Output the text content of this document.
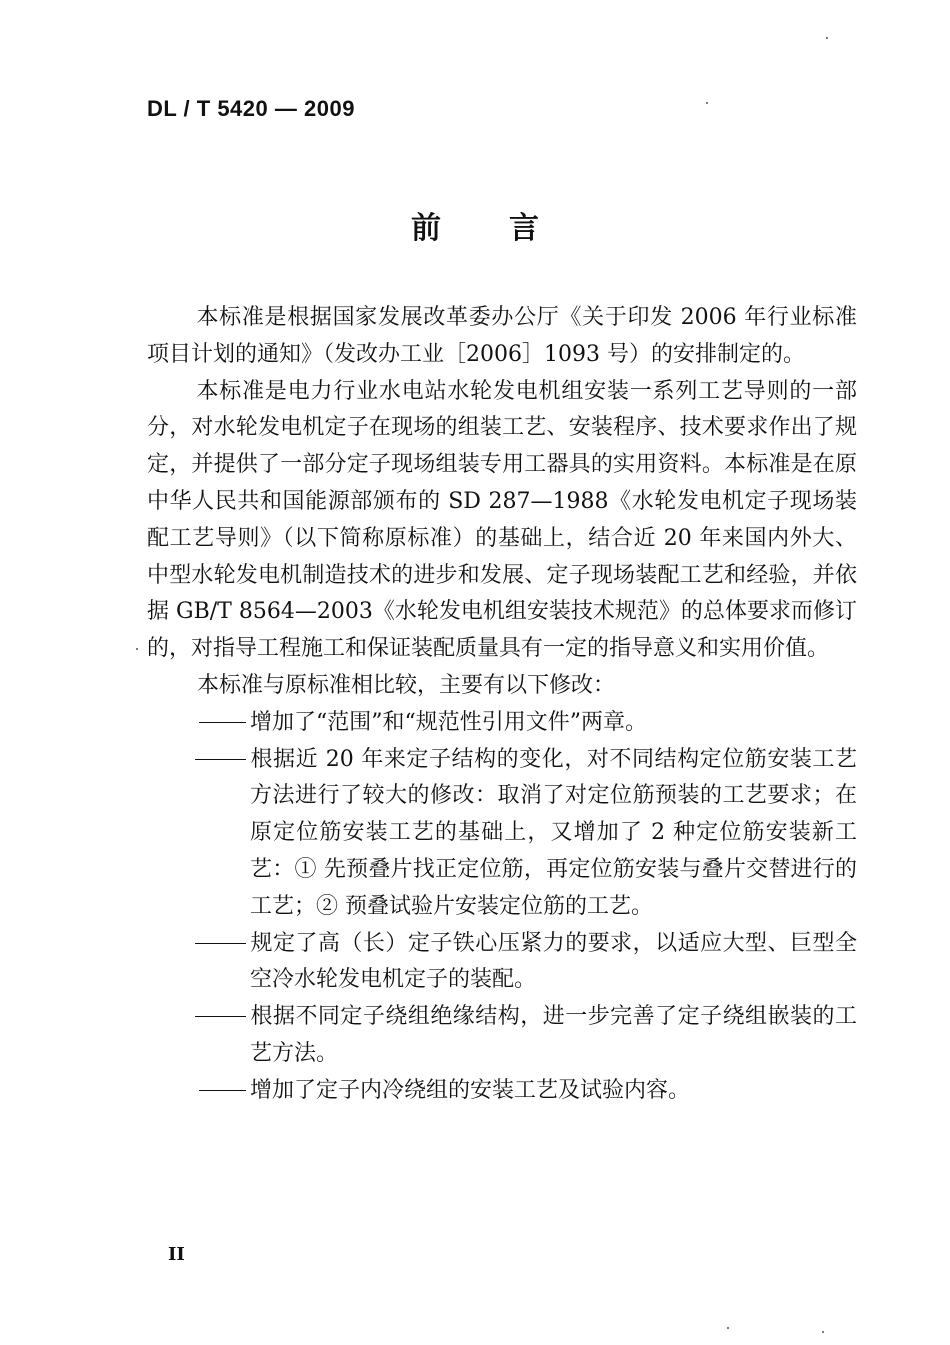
DL / T 5420 — 2009
前言

本标准是根据国家发展改革委办公厅《关于印发 2006 年行业标准项目计划的通知》（发改办工业［2006］1093 号）的安排制定的。

本标准是电力行业水电站水轮发电机组安装一系列工艺导则的一部分，对水轮发电机定子在现场的组装工艺、安装程序、技术要求作出了规定，并提供了一部分定子现场组装专用工器具的实用资料。本标准是在原中华人民共和国能源部颁布的 SD 287—1988《水轮发电机定子现场装配工艺导则》（以下简称原标准）的基础上，结合近 20 年来国内外大、中型水轮发电机制造技术的进步和发展、定子现场装配工艺和经验，并依据 GB/T 8564—2003《水轮发电机组安装技术规范》的总体要求而修订的，对指导工程施工和保证装配质量具有一定的指导意义和实用价值。

本标准与原标准相比较，主要有以下修改：

增加了“范围”和“规范性引用文件”两章。

根据近 20 年来定子结构的变化，对不同结构定位筋安装工艺方法进行了较大的修改：取消了对定位筋预装的工艺要求；在原定位筋安装工艺的基础上，又增加了 2 种定位筋安装新工艺：① 先预叠片找正定位筋，再定位筋安装与叠片交替进行的工艺；② 预叠试验片安装定位筋的工艺。

规定了高（长）定子铁心压紧力的要求，以适应大型、巨型全空冷水轮发电机定子的装配。

根据不同定子绕组绝缘结构，进一步完善了定子绕组嵌装的工艺方法。

增加了定子内冷绕组的安装工艺及试验内容。

II
